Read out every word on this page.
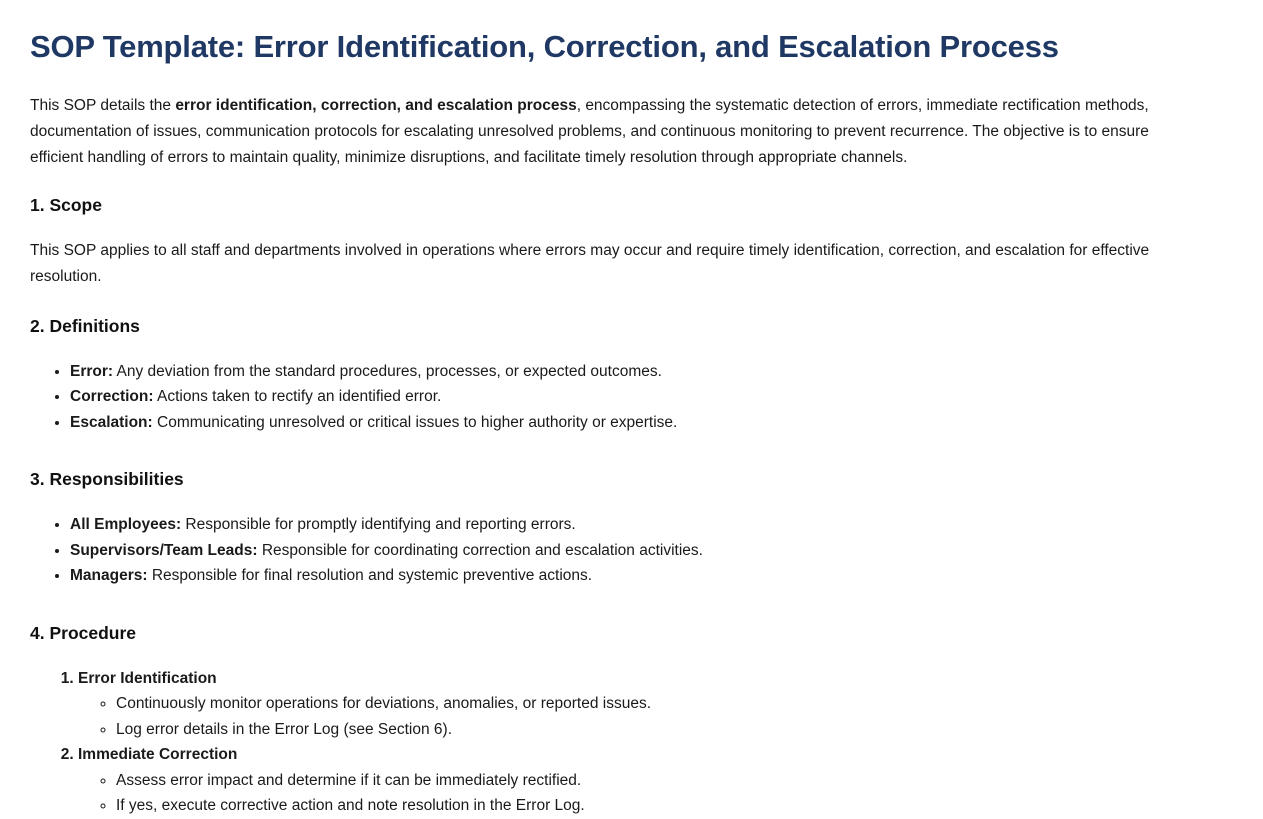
SOP Template: Error Identification, Correction, and Escalation Process

This SOP details the error identification, correction, and escalation process, encompassing the systematic detection of errors, immediate rectification methods, documentation of issues, communication protocols for escalating unresolved problems, and continuous monitoring to prevent recurrence. The objective is to ensure efficient handling of errors to maintain quality, minimize disruptions, and facilitate timely resolution through appropriate channels.

1. Scope

This SOP applies to all staff and departments involved in operations where errors may occur and require timely identification, correction, and escalation for effective resolution.

2. Definitions
• Error: Any deviation from the standard procedures, processes, or expected outcomes.
• Correction: Actions taken to rectify an identified error.
• Escalation: Communicating unresolved or critical issues to higher authority or expertise.
3. Responsibilities
• All Employees: Responsible for promptly identifying and reporting errors.
• Supervisors/Team Leads: Responsible for coordinating correction and escalation activities.
• Managers: Responsible for final resolution and systemic preventive actions.
4. Procedure
1. Error Identification
◦ Continuously monitor operations for deviations, anomalies, or reported issues.
◦ Log error details in the Error Log (see Section 6).
2. Immediate Correction
◦ Assess error impact and determine if it can be immediately rectified.
◦ If yes, execute corrective action and note resolution in the Error Log.
